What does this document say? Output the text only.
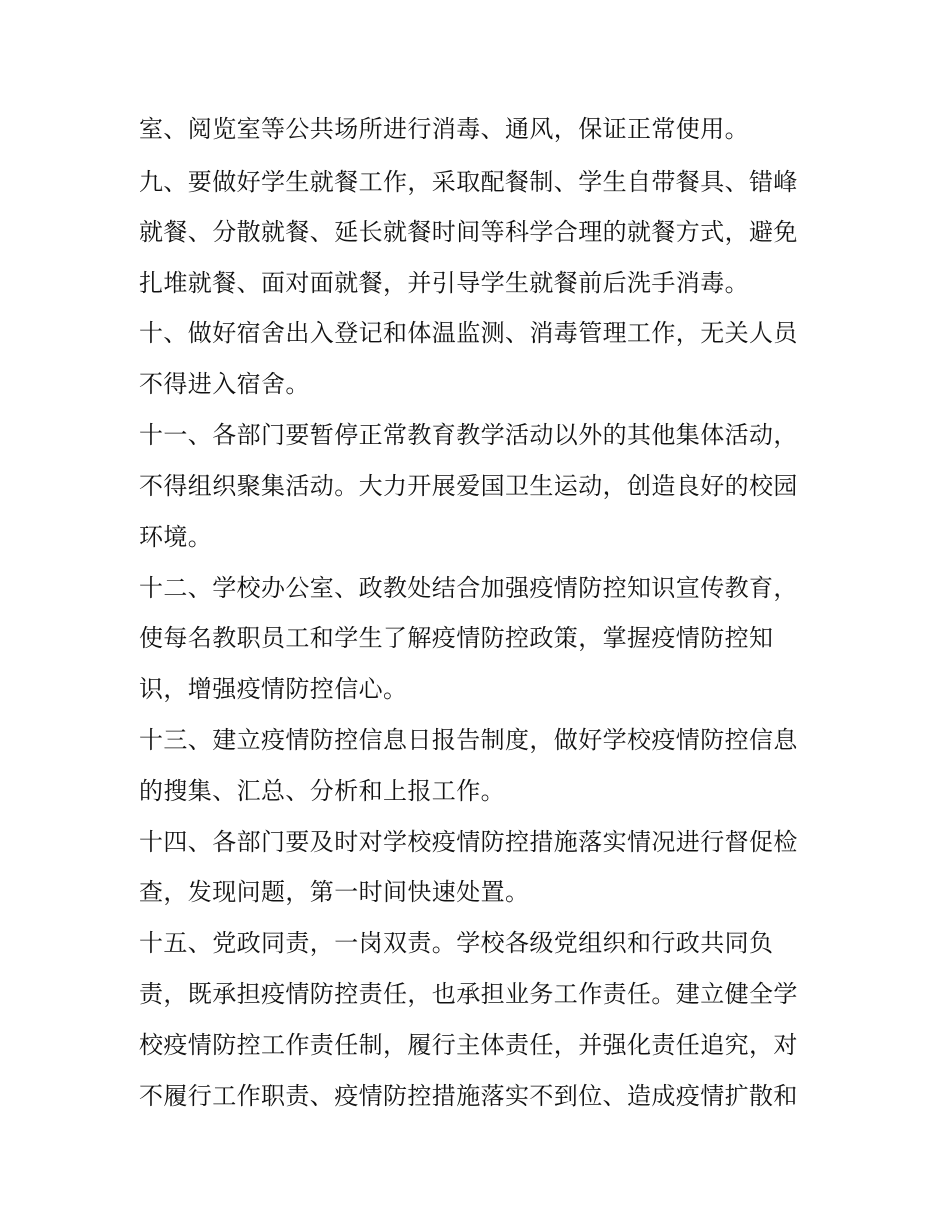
室、阅览室等公共场所进行消毒、通风，保证正常使用。
九、要做好学生就餐工作，采取配餐制、学生自带餐具、错峰
就餐、分散就餐、延长就餐时间等科学合理的就餐方式，避免
扎堆就餐、面对面就餐，并引导学生就餐前后洗手消毒。
十、做好宿舍出入登记和体温监测、消毒管理工作，无关人员
不得进入宿舍。
十一、各部门要暂停正常教育教学活动以外的其他集体活动，
不得组织聚集活动。大力开展爱国卫生运动，创造良好的校园
环境。
十二、学校办公室、政教处结合加强疫情防控知识宣传教育，
使每名教职员工和学生了解疫情防控政策，掌握疫情防控知
识，增强疫情防控信心。
十三、建立疫情防控信息日报告制度，做好学校疫情防控信息
的搜集、汇总、分析和上报工作。
十四、各部门要及时对学校疫情防控措施落实情况进行督促检
查，发现问题，第一时间快速处置。
十五、党政同责，一岗双责。学校各级党组织和行政共同负
责，既承担疫情防控责任，也承担业务工作责任。建立健全学
校疫情防控工作责任制，履行主体责任，并强化责任追究，对
不履行工作职责、疫情防控措施落实不到位、造成疫情扩散和
